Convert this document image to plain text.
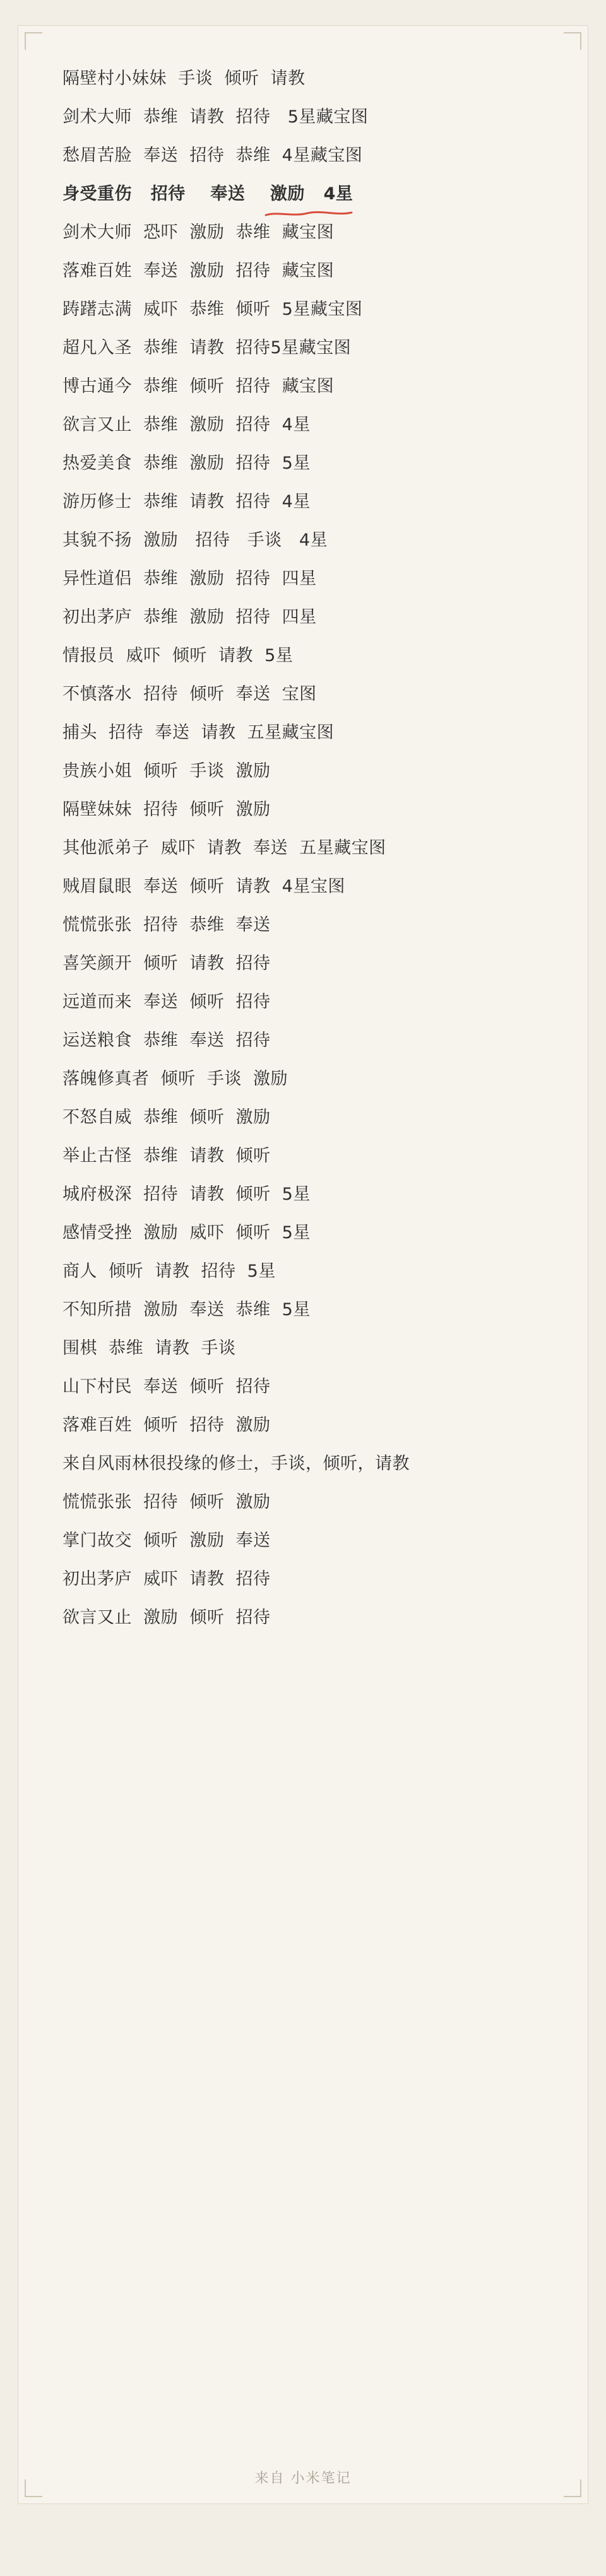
隔壁村小妹妹  手谈  倾听  请教
剑术大师  恭维  请教  招待   5星藏宝图
愁眉苦脸  奉送  招待  恭维  4星藏宝图
身受重伤   招待    奉送    激励   4星
剑术大师  恐吓  激励  恭维  藏宝图
落难百姓  奉送  激励  招待  藏宝图
踌躇志满  威吓  恭维  倾听  5星藏宝图
超凡入圣  恭维  请教  招待5星藏宝图
博古通今  恭维  倾听  招待  藏宝图
欲言又止  恭维  激励  招待  4星
热爱美食  恭维  激励  招待  5星
游历修士  恭维  请教  招待  4星
其貌不扬  激励   招待   手谈   4星
异性道侣  恭维  激励  招待  四星
初出茅庐  恭维  激励  招待  四星
情报员  威吓  倾听  请教  5星
不慎落水  招待  倾听  奉送  宝图
捕头  招待  奉送  请教  五星藏宝图
贵族小姐  倾听  手谈  激励
隔壁妹妹  招待  倾听  激励
其他派弟子  威吓  请教  奉送  五星藏宝图
贼眉鼠眼  奉送  倾听  请教  4星宝图
慌慌张张  招待  恭维  奉送
喜笑颜开  倾听  请教  招待
远道而来  奉送  倾听  招待
运送粮食  恭维  奉送  招待
落魄修真者  倾听  手谈  激励
不怒自威  恭维  倾听  激励
举止古怪  恭维  请教  倾听
城府极深  招待  请教  倾听  5星
感情受挫  激励  威吓  倾听  5星
商人  倾听  请教  招待  5星
不知所措  激励  奉送  恭维  5星
围棋  恭维  请教  手谈
山下村民  奉送  倾听  招待
落难百姓  倾听  招待  激励
来自风雨林很投缘的修士，手谈，倾听，请教
慌慌张张  招待  倾听  激励
掌门故交  倾听  激励  奉送
初出茅庐  威吓  请教  招待
欲言又止  激励  倾听  招待
来自 小米笔记
